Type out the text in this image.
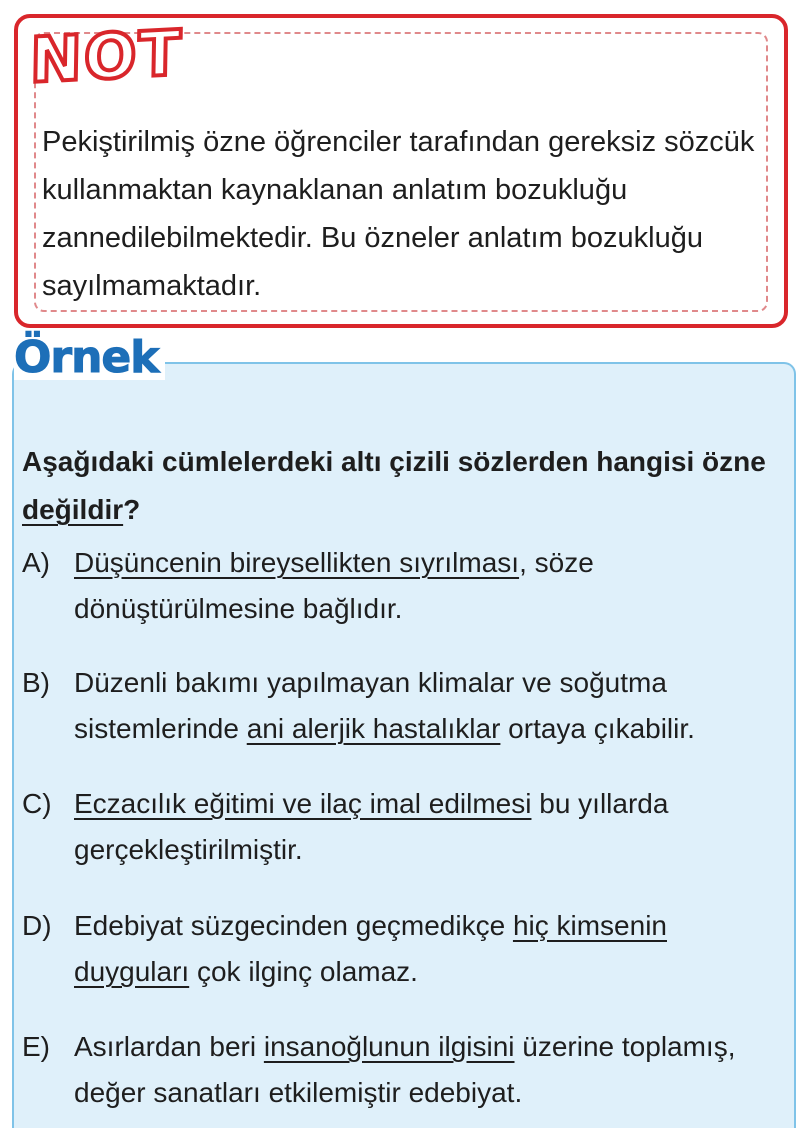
NOT
Pekiştirilmiş özne öğrenciler tarafından gereksiz sözcük kullanmaktan kaynaklanan anlatım bozukluğu zannedilebilmektedir. Bu özneler anlatım bozukluğu sayılmamaktadır.
Örnek
Aşağıdaki cümlelerdeki altı çizili sözlerden hangisi özne değildir?
A) Düşüncenin bireysellikten sıyrılması, söze dönüştürülmesine bağlıdır.
B) Düzenli bakımı yapılmayan klimalar ve soğutma sistemlerinde ani alerjik hastalıklar ortaya çıkabilir.
C) Eczacılık eğitimi ve ilaç imal edilmesi bu yıllarda gerçekleştirilmiştir.
D) Edebiyat süzgecinden geçmedikçe hiç kimsenin duyguları çok ilginç olamaz.
E) Asırlardan beri insanoğlunun ilgisini üzerine toplamış, değer sanatları etkilemiştir edebiyat.
